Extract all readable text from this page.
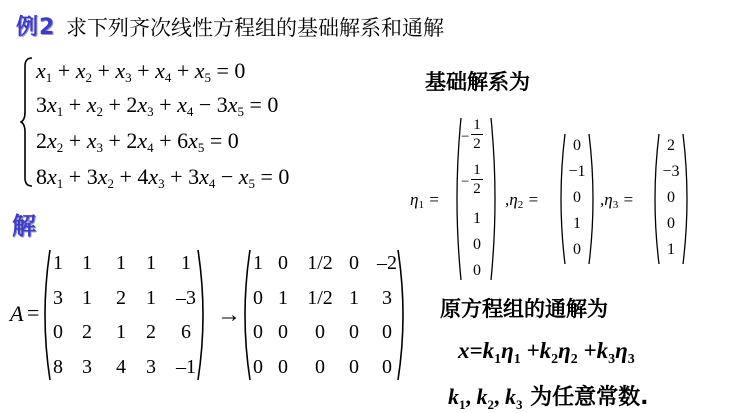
例2 求下列齐次线性方程组的基础解系和通解
$x_1 + x_2 + x_3 + x_4 + x_5 = 0$
$3x_1 + x_2 + 2x_3 + x_4 - 3x_5 = 0$
$2x_2 + x_3 + 2x_4 + 6x_5 = 0$
$8x_1 + 3x_2 + 4x_3 + 3x_4 - x_5 = 0$
解
A =
1 1	1	1	1
3 1	2	1	–3
0 2	1	2	6
8 3	4	3	–1
→
1 0 1/2 0 –2
0 1 1/2 1	3
0 0	0	0	0
0 0	0	0	0
基础解系为
$\eta_1$ =
−
1
2
−
1
2
1
0
0
$,\eta_2$ =
0
−1
0
1
0
$,\eta_3$ =
2
−3
0
0
1
原方程组的通解为
$x=k_1\eta_1 +k_2\eta_2 +k_3\eta_3$
$k_1$, $k_2$, $k_3$ 为任意常数.
